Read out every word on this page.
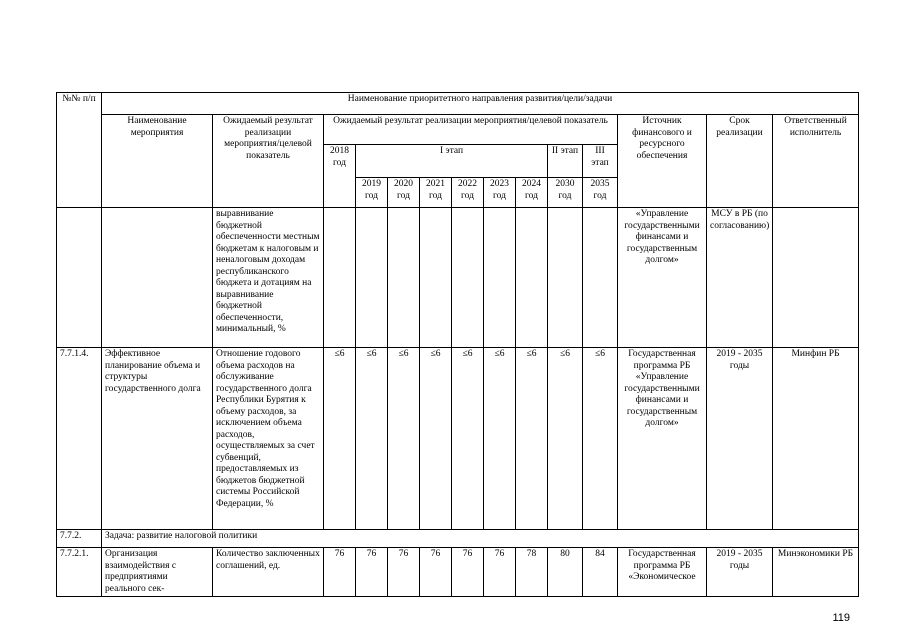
№№ п/п	Наименование приоритетного направления развития/цели/задачи													
	Наименование мероприятия	Ожидаемый результат реализации мероприятия/целевой показатель	Ожидаемый результат реализации мероприятия/целевой показатель									Источник финансового и ресурсного обеспечения	Срок реализации	Ответственный исполнитель
			2018 год	I этап						II этап	III этап			
				2019 год	2020 год	2021 год	2022 год	2023 год	2024 год	2030 год	2035 год			
		выравнивание бюджетной обеспеченности местным бюджетам к налоговым и неналоговым доходам республиканского бюджета и дотациям на выравнивание бюджетной обеспеченности, минимальный, %										«Управление государственными финансами и государственным долгом»	МСУ в РБ (по согласованию)	
7.7.1.4.	Эффективное планирование объема и структуры государственного долга	Отношение годового объема расходов на обслуживание государственного долга Республики Бурятия к объему расходов, за исключением объема расходов, осуществляемых за счет субвенций, предоставляемых из бюджетов бюджетной системы Российской Федерации, %	≤6	≤6	≤6	≤6	≤6	≤6	≤6	≤6	≤6	Государственная программа РБ «Управление государственными финансами и государственным долгом»	2019 - 2035 годы	Минфин РБ
7.7.2.	Задача: развитие налоговой политики													
7.7.2.1.	Организация взаимодействия с предприятиями реального сек-	Количество заключенных соглашений, ед.	76	76	76	76	76	76	78	80	84	Государственная программа РБ «Экономическое	2019 - 2035 годы	Минэкономики РБ
119
